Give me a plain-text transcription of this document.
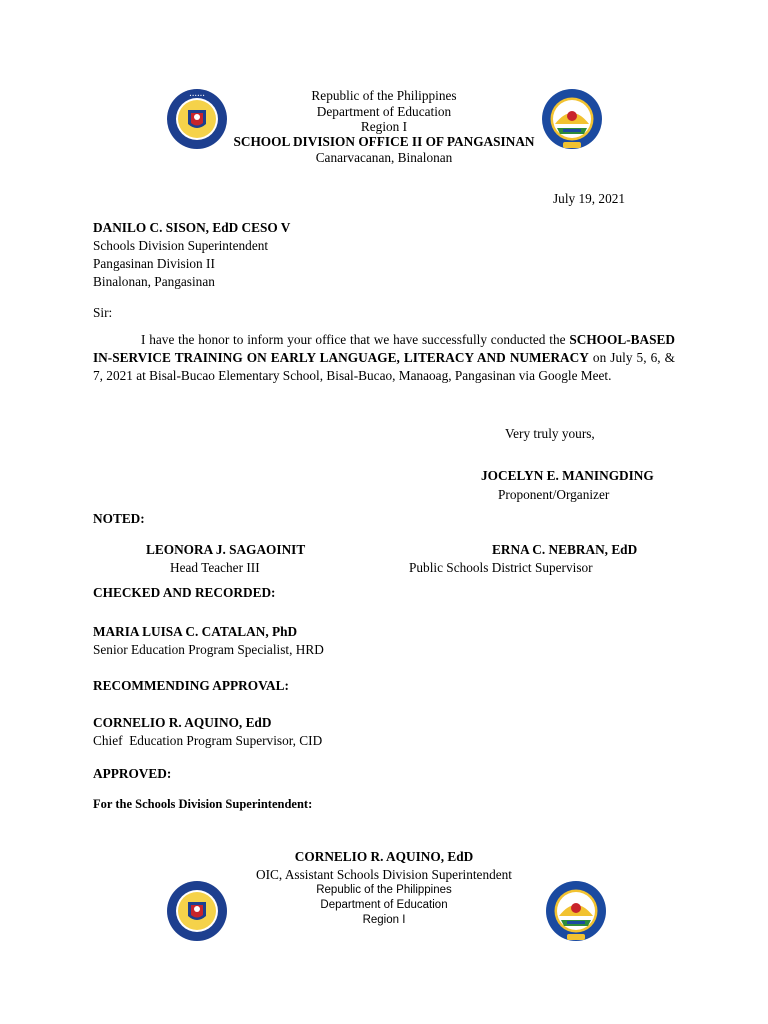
• • • • • •	Republic of the Philippines
Department of Education
Region I
SCHOOL DIVISION OFFICE II OF PANGASINAN
Canarvacanan, Binalonan
July 19, 2021
DANILO C. SISON, EdD CESO V
Schools Division Superintendent
Pangasinan Division II
Binalonan, Pangasinan
Sir:
I have the honor to inform your office that we have successfully conducted the SCHOOL-BASED IN-SERVICE TRAINING ON EARLY LANGUAGE, LITERACY AND NUMERACY on July 5, 6, & 7, 2021 at Bisal-Bucao Elementary School, Bisal-Bucao, Manaoag, Pangasinan via Google Meet.
Very truly yours,
JOCELYN E. MANINGDING
Proponent/Organizer
NOTED:
LEONORA J. SAGAOINIT
Head Teacher III
ERNA C. NEBRAN, EdD
Public Schools District Supervisor
CHECKED AND RECORDED:
MARIA LUISA C. CATALAN, PhD
Senior Education Program Specialist, HRD
RECOMMENDING APPROVAL:
CORNELIO R. AQUINO, EdD
Chief  Education Program Supervisor, CID
APPROVED:
For the Schools Division Superintendent:
CORNELIO R. AQUINO, EdD
OIC, Assistant Schools Division Superintendent
Republic of the Philippines
Department of Education
Region I
